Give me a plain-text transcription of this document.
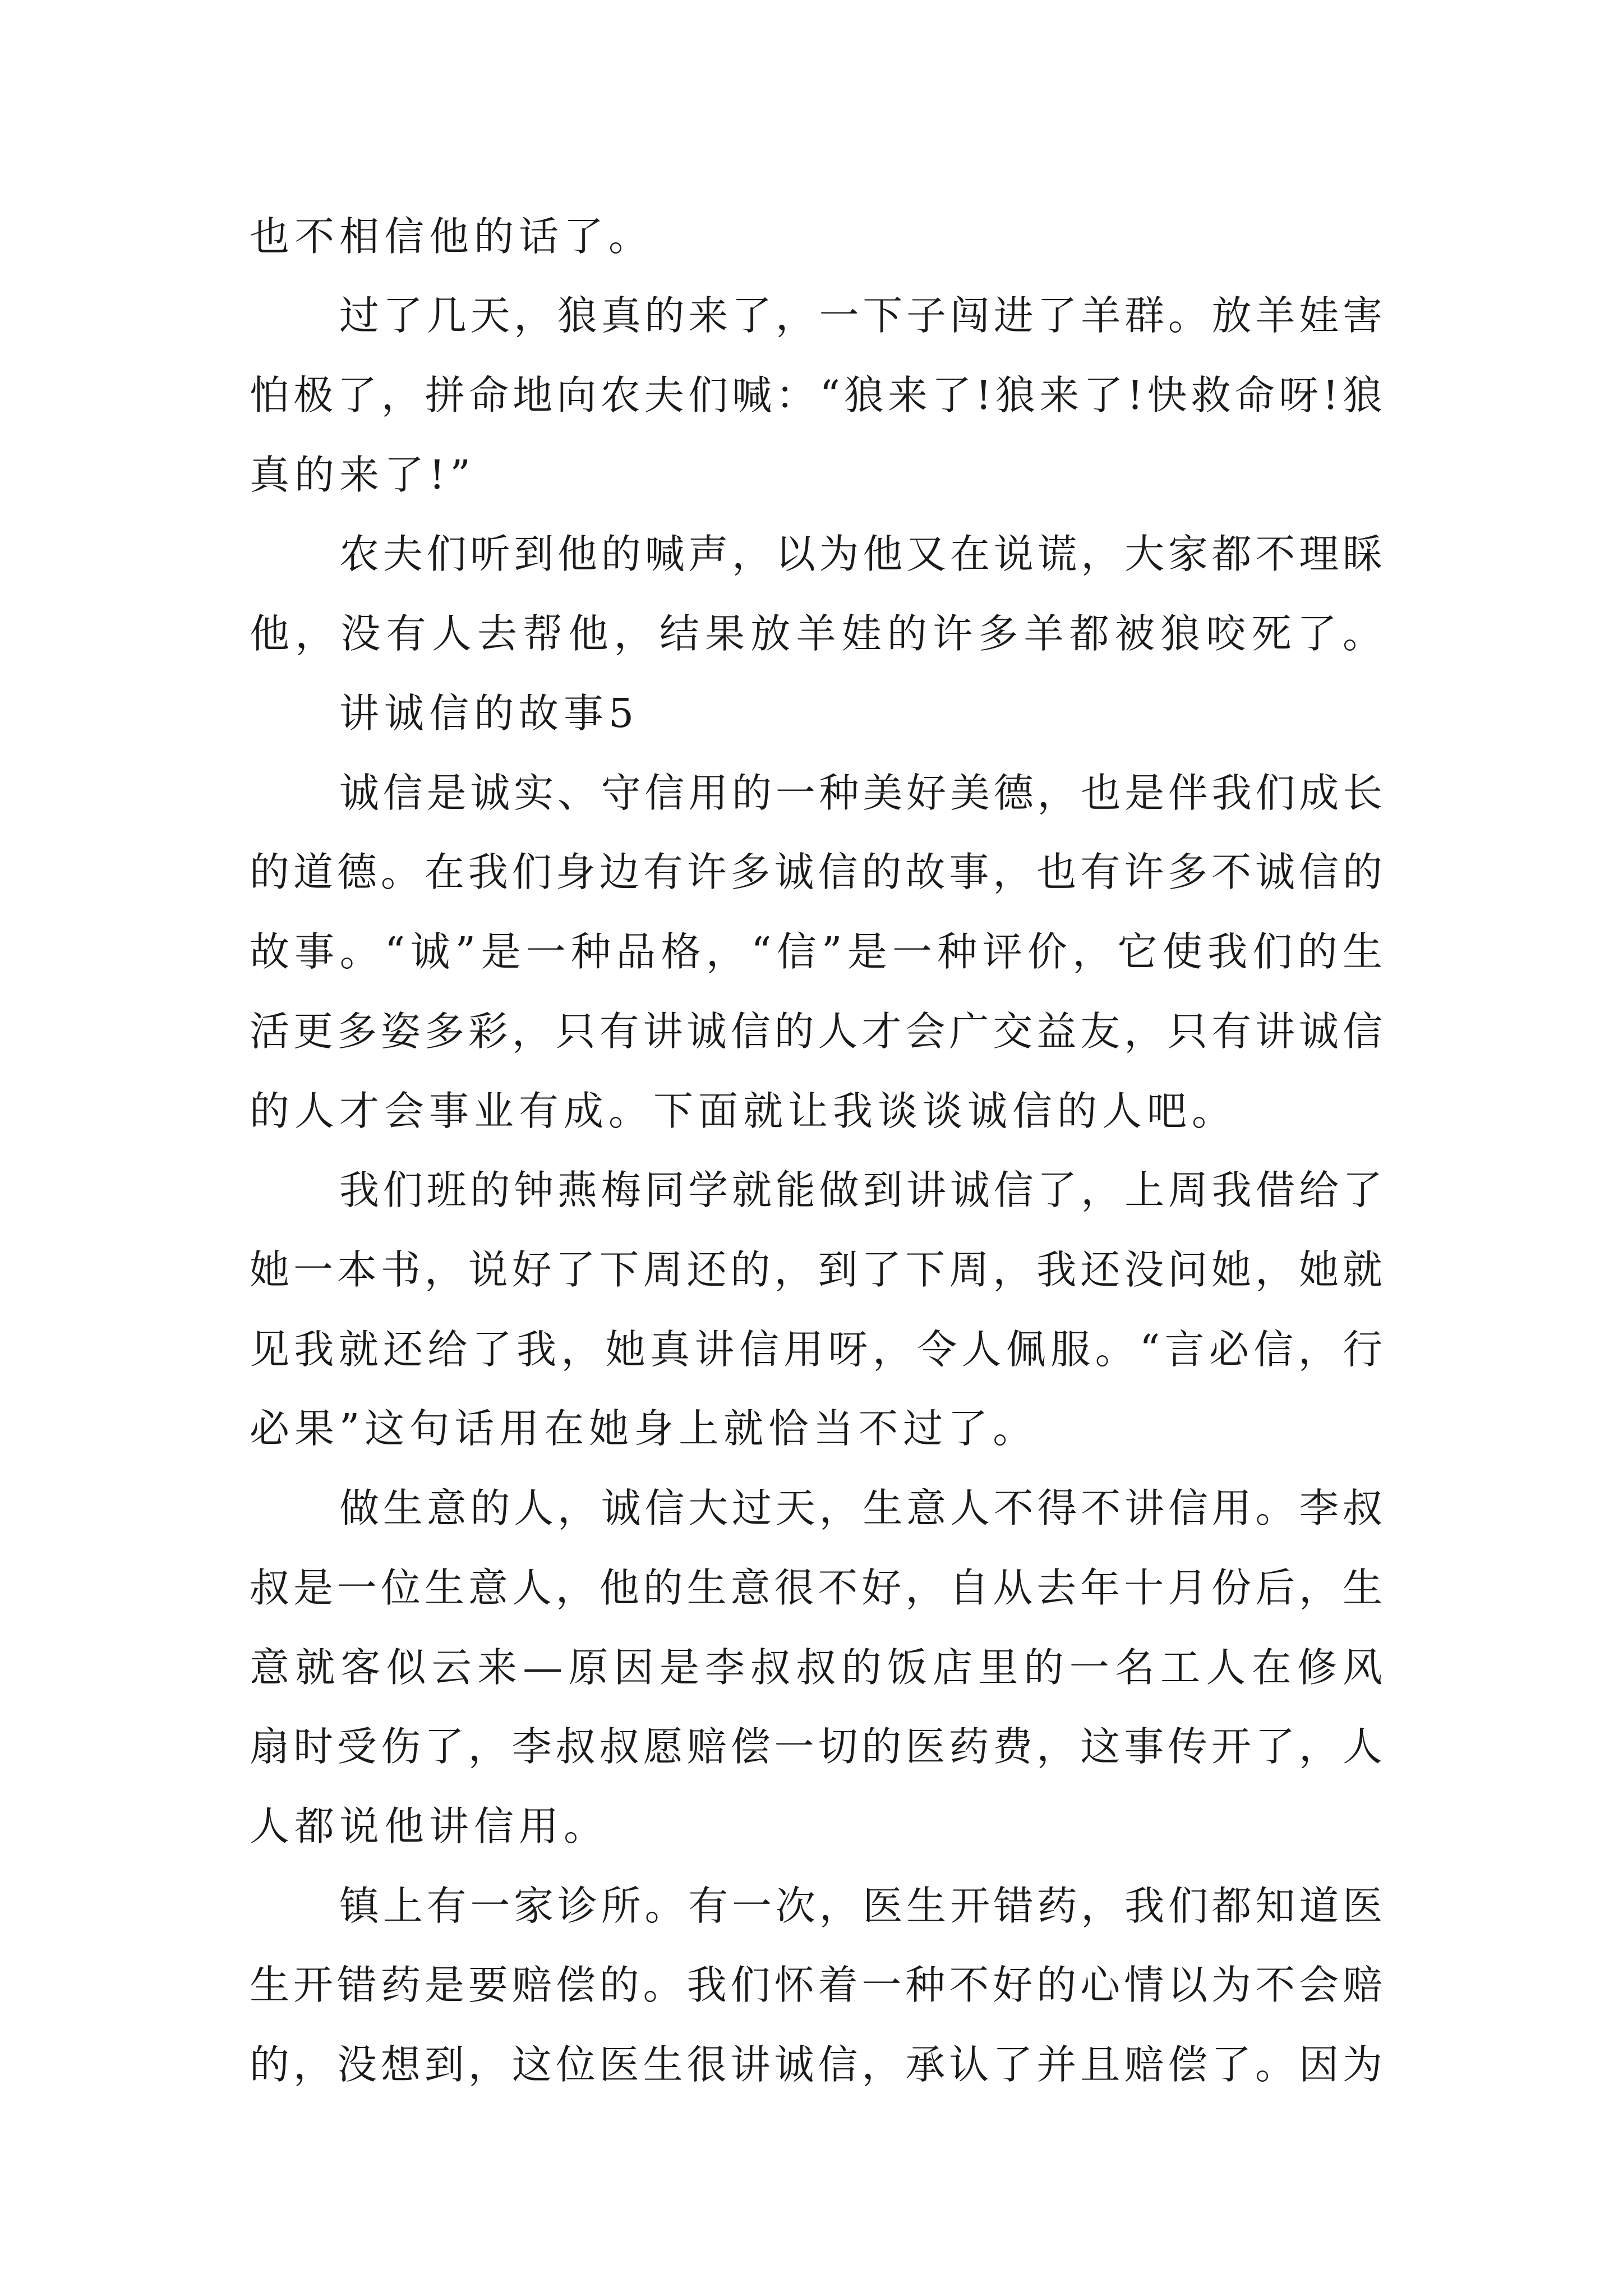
也不相信他的话了。
过了几天，狼真的来了，一下子闯进了羊群。放羊娃害
怕极了，拼命地向农夫们喊：“狼来了!狼来了!快救命呀!狼
真的来了!”
农夫们听到他的喊声，以为他又在说谎，大家都不理睬
他，没有人去帮他，结果放羊娃的许多羊都被狼咬死了。
讲诚信的故事5
诚信是诚实、守信用的一种美好美德，也是伴我们成长
的道德。在我们身边有许多诚信的故事，也有许多不诚信的
故事。“诚”是一种品格，“信”是一种评价，它使我们的生
活更多姿多彩，只有讲诚信的人才会广交益友，只有讲诚信
的人才会事业有成。下面就让我谈谈诚信的人吧。
我们班的钟燕梅同学就能做到讲诚信了，上周我借给了
她一本书，说好了下周还的，到了下周，我还没问她，她就
见我就还给了我，她真讲信用呀，令人佩服。“言必信，行
必果”这句话用在她身上就恰当不过了。
做生意的人，诚信大过天，生意人不得不讲信用。李叔
叔是一位生意人，他的生意很不好，自从去年十月份后，生
意就客似云来—原因是李叔叔的饭店里的一名工人在修风
扇时受伤了，李叔叔愿赔偿一切的医药费，这事传开了，人
人都说他讲信用。
镇上有一家诊所。有一次，医生开错药，我们都知道医
生开错药是要赔偿的。我们怀着一种不好的心情以为不会赔
的，没想到，这位医生很讲诚信，承认了并且赔偿了。因为
